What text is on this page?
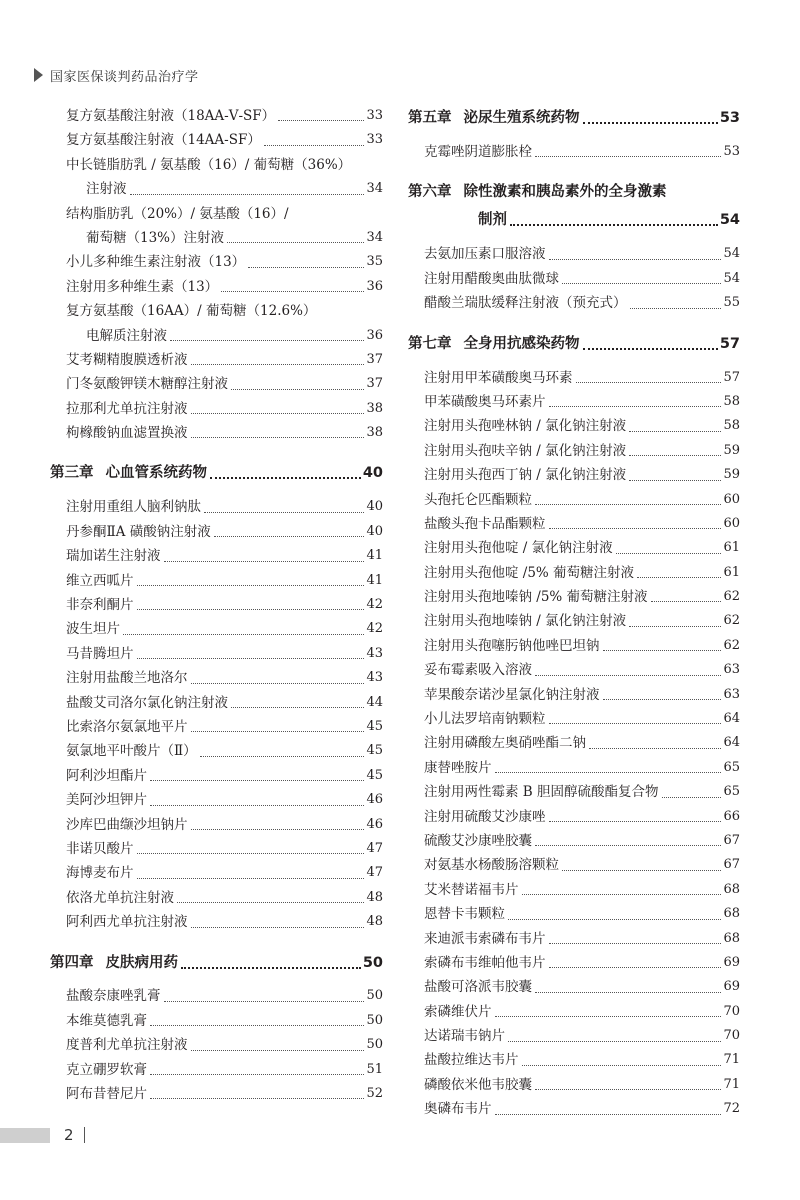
国家医保谈判药品治疗学
复方氨基酸注射液（18AA-Ⅴ-SF）	33
复方氨基酸注射液（14AA-SF）	33
中长链脂肪乳 / 氨基酸（16）/ 葡萄糖（36%）
注射液	34
结构脂肪乳（20%）/ 氨基酸（16）/
葡萄糖（13%）注射液	34
小儿多种维生素注射液（13）	35
注射用多种维生素（13）	36
复方氨基酸（16AA）/ 葡萄糖（12.6%）
电解质注射液	36
艾考糊精腹膜透析液	37
门冬氨酸钾镁木糖醇注射液	37
拉那利尤单抗注射液	38
枸橼酸钠血滤置换液	38
第三章 心血管系统药物	40
注射用重组人脑利钠肽	40
丹参酮ⅡA 磺酸钠注射液	40
瑞加诺生注射液	41
维立西呱片	41
非奈利酮片	42
波生坦片	42
马昔腾坦片	43
注射用盐酸兰地洛尔	43
盐酸艾司洛尔氯化钠注射液	44
比索洛尔氨氯地平片	45
氨氯地平叶酸片（Ⅱ）	45
阿利沙坦酯片	45
美阿沙坦钾片	46
沙库巴曲缬沙坦钠片	46
非诺贝酸片	47
海博麦布片	47
依洛尤单抗注射液	48
阿利西尤单抗注射液	48
第四章 皮肤病用药	50
盐酸奈康唑乳膏	50
本维莫德乳膏	50
度普利尤单抗注射液	50
克立硼罗软膏	51
阿布昔替尼片	52
第五章 泌尿生殖系统药物	53
克霉唑阴道膨胀栓	53
第六章 除性激素和胰岛素外的全身激素
制剂	54
去氨加压素口服溶液	54
注射用醋酸奥曲肽微球	54
醋酸兰瑞肽缓释注射液（预充式）	55
第七章 全身用抗感染药物	57
注射用甲苯磺酸奥马环素	57
甲苯磺酸奥马环素片	58
注射用头孢唑林钠 / 氯化钠注射液	58
注射用头孢呋辛钠 / 氯化钠注射液	59
注射用头孢西丁钠 / 氯化钠注射液	59
头孢托仑匹酯颗粒	60
盐酸头孢卡品酯颗粒	60
注射用头孢他啶 / 氯化钠注射液	61
注射用头孢他啶 /5% 葡萄糖注射液	61
注射用头孢地嗪钠 /5% 葡萄糖注射液	62
注射用头孢地嗪钠 / 氯化钠注射液	62
注射用头孢噻肟钠他唑巴坦钠	62
妥布霉素吸入溶液	63
苹果酸奈诺沙星氯化钠注射液	63
小儿法罗培南钠颗粒	64
注射用磷酸左奥硝唑酯二钠	64
康替唑胺片	65
注射用两性霉素 B 胆固醇硫酸酯复合物	65
注射用硫酸艾沙康唑	66
硫酸艾沙康唑胶囊	67
对氨基水杨酸肠溶颗粒	67
艾米替诺福韦片	68
恩替卡韦颗粒	68
来迪派韦索磷布韦片	68
索磷布韦维帕他韦片	69
盐酸可洛派韦胶囊	69
索磷维伏片	70
达诺瑞韦钠片	70
盐酸拉维达韦片	71
磷酸依米他韦胶囊	71
奥磷布韦片	72
2
